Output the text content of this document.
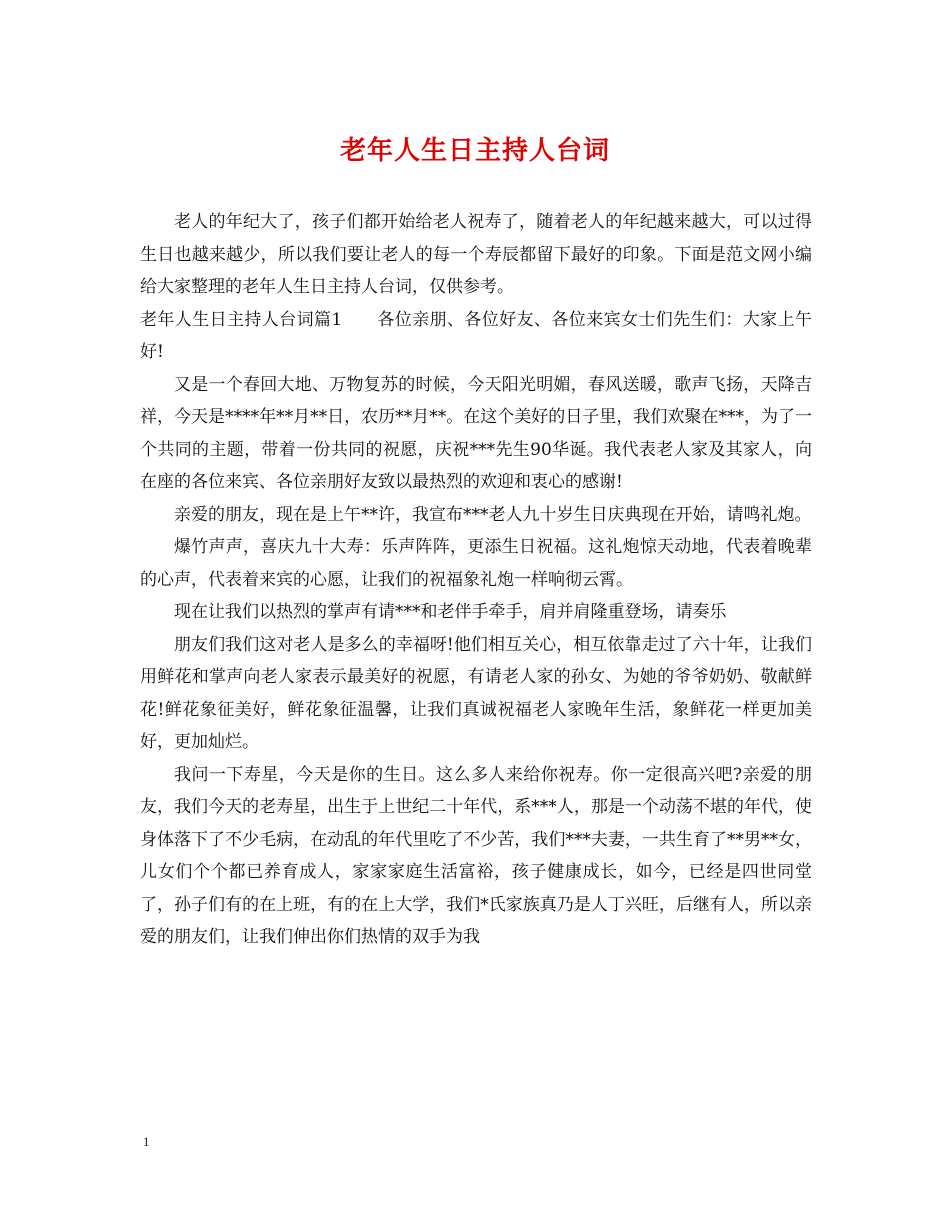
老年人生日主持人台词

老人的年纪大了，孩子们都开始给老人祝寿了，随着老人的年纪越来越大，可以过得生日也越来越少，所以我们要让老人的每一个寿辰都留下最好的印象。下面是范文网小编给大家整理的老年人生日主持人台词，仅供参考。

老年人生日主持人台词篇1　　各位亲朋、各位好友、各位来宾女士们先生们：大家上午好!

又是一个春回大地、万物复苏的时候，今天阳光明媚，春风送暖，歌声飞扬，天降吉祥，今天是****年**月**日，农历**月**。在这个美好的日子里，我们欢聚在***，为了一个共同的主题，带着一份共同的祝愿，庆祝***先生90华诞。我代表老人家及其家人，向在座的各位来宾、各位亲朋好友致以最热烈的欢迎和衷心的感谢!

亲爱的朋友，现在是上午**许，我宣布***老人九十岁生日庆典现在开始，请鸣礼炮。

爆竹声声，喜庆九十大寿：乐声阵阵，更添生日祝福。这礼炮惊天动地，代表着晚辈的心声，代表着来宾的心愿，让我们的祝福象礼炮一样响彻云霄。

现在让我们以热烈的掌声有请***和老伴手牵手，肩并肩隆重登场，请奏乐

朋友们我们这对老人是多么的幸福呀!他们相互关心，相互依靠走过了六十年，让我们用鲜花和掌声向老人家表示最美好的祝愿，有请老人家的孙女、为她的爷爷奶奶、敬献鲜花!鲜花象征美好，鲜花象征温馨，让我们真诚祝福老人家晚年生活，象鲜花一样更加美好，更加灿烂。

我问一下寿星，今天是你的生日。这么多人来给你祝寿。你一定很高兴吧?亲爱的朋友，我们今天的老寿星，出生于上世纪二十年代，系***人，那是一个动荡不堪的年代，使身体落下了不少毛病，在动乱的年代里吃了不少苦，我们***夫妻，一共生育了**男**女，儿女们个个都已养育成人，家家家庭生活富裕，孩子健康成长，如今，已经是四世同堂了，孙子们有的在上班，有的在上大学，我们*氏家族真乃是人丁兴旺，后继有人，所以亲爱的朋友们，让我们伸出你们热情的双手为我

1
